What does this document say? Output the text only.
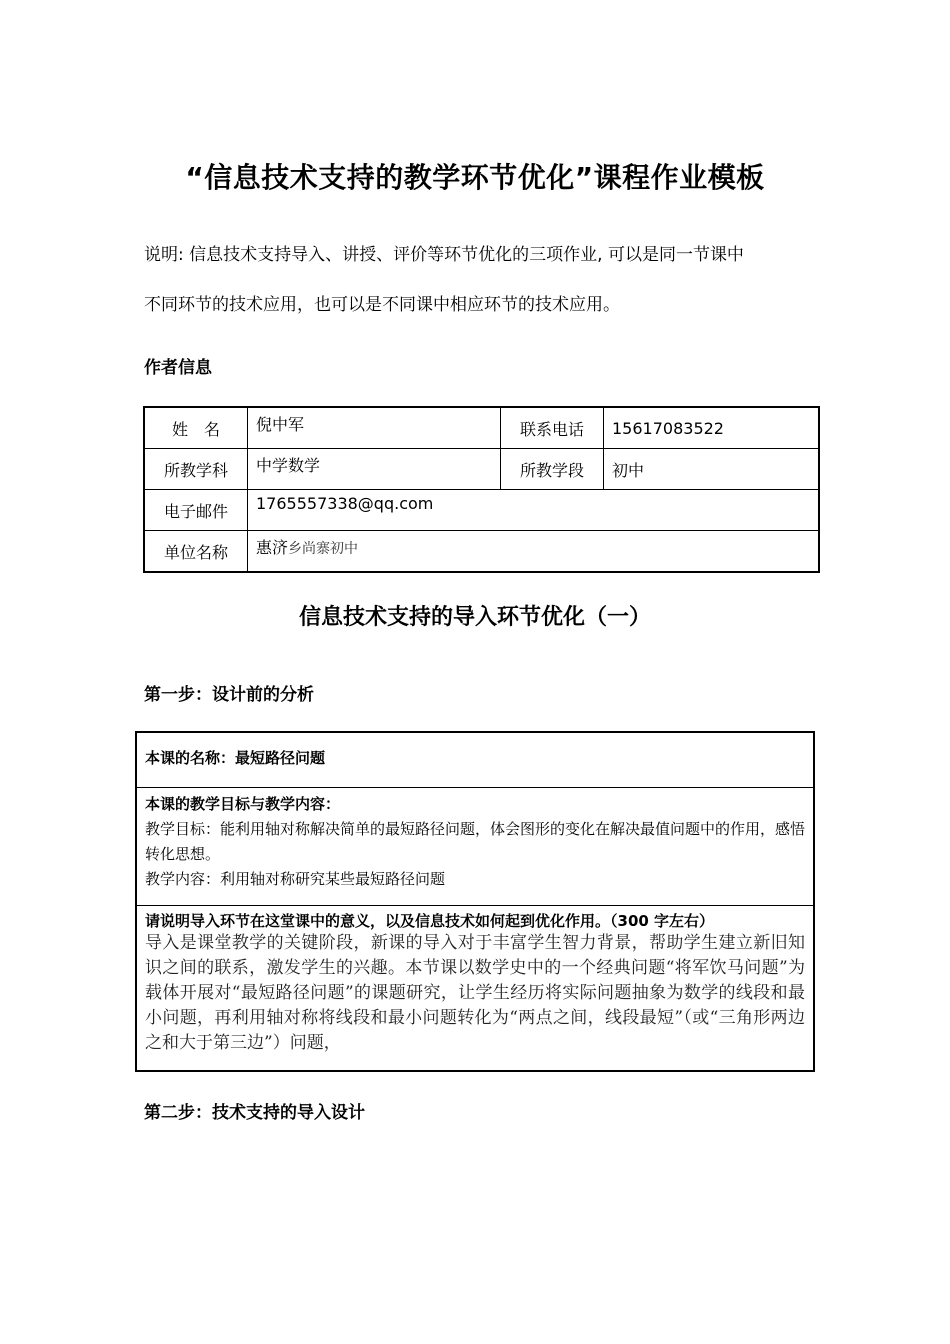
“信息技术支持的教学环节优化”课程作业模板
说明: 信息技术支持导入、讲授、评价等环节优化的三项作业, 可以是同一节课中
不同环节的技术应用，也可以是不同课中相应环节的技术应用。
作者信息
姓　名	倪中军	联系电话	15617083522
所教学科	中学数学	所教学段	初中
电子邮件	1765557338@qq.com		
单位名称	惠济乡尚寨初中		
信息技术支持的导入环节优化（一）
第一步：设计前的分析
本课的名称：最短路径问题
本课的教学目标与教学内容：
教学目标：能利用轴对称解决简单的最短路径问题，体会图形的变化在解决最值问题中的作用，感悟转化思想。
教学内容：利用轴对称研究某些最短路径问题
请说明导入环节在这堂课中的意义，以及信息技术如何起到优化作用。（300 字左右）
导入是课堂教学的关键阶段，新课的导入对于丰富学生智力背景，帮助学生建立新旧知识之间的联系，激发学生的兴趣。本节课以数学史中的一个经典问题“将军饮马问题”为载体开展对“最短路径问题”的课题研究，让学生经历将实际问题抽象为数学的线段和最小问题，再利用轴对称将线段和最小问题转化为“两点之间，线段最短”（或“三角形两边之和大于第三边”）问题，
第二步：技术支持的导入设计
